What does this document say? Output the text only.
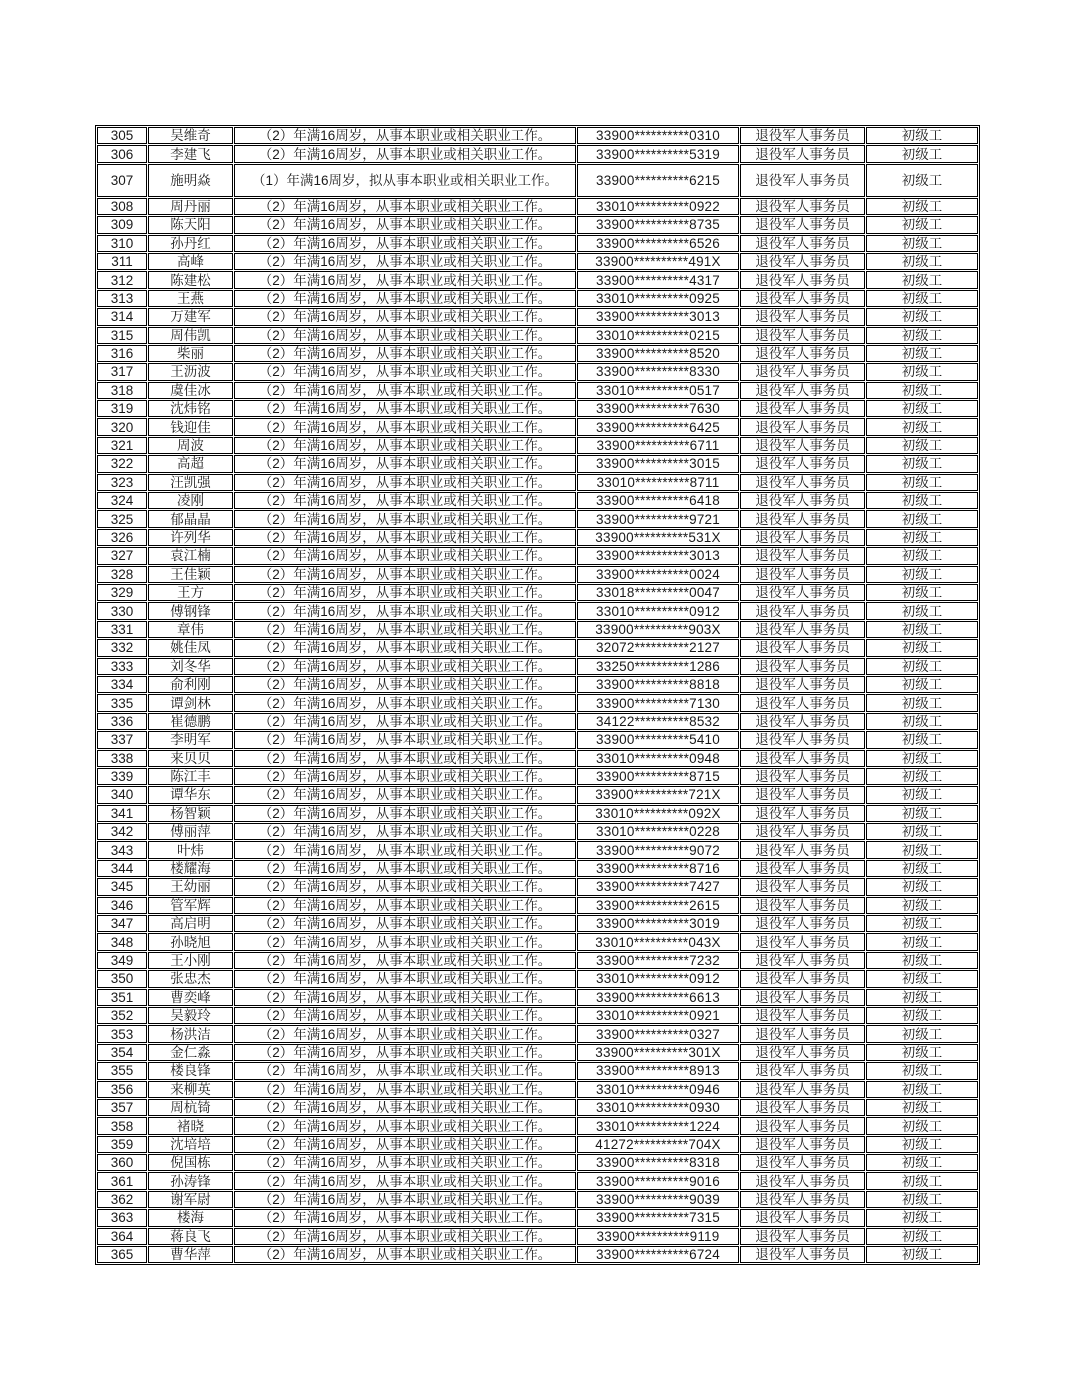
305	吴维奇	（2）年满16周岁，从事本职业或相关职业工作。	33900**********0310	退役军人事务员	初级工
306	李建飞	（2）年满16周岁，从事本职业或相关职业工作。	33900**********5319	退役军人事务员	初级工
307	施明焱	（1）年满16周岁，拟从事本职业或相关职业工作。	33900**********6215	退役军人事务员	初级工
308	周丹丽	（2）年满16周岁，从事本职业或相关职业工作。	33010**********0922	退役军人事务员	初级工
309	陈天阳	（2）年满16周岁，从事本职业或相关职业工作。	33900**********8735	退役军人事务员	初级工
310	孙丹红	（2）年满16周岁，从事本职业或相关职业工作。	33900**********6526	退役军人事务员	初级工
311	高峰	（2）年满16周岁，从事本职业或相关职业工作。	33900**********491X	退役军人事务员	初级工
312	陈建松	（2）年满16周岁，从事本职业或相关职业工作。	33900**********4317	退役军人事务员	初级工
313	王燕	（2）年满16周岁，从事本职业或相关职业工作。	33010**********0925	退役军人事务员	初级工
314	万建军	（2）年满16周岁，从事本职业或相关职业工作。	33900**********3013	退役军人事务员	初级工
315	周伟凯	（2）年满16周岁，从事本职业或相关职业工作。	33010**********0215	退役军人事务员	初级工
316	柴丽	（2）年满16周岁，从事本职业或相关职业工作。	33900**********8520	退役军人事务员	初级工
317	王沥波	（2）年满16周岁，从事本职业或相关职业工作。	33900**********8330	退役军人事务员	初级工
318	虞佳冰	（2）年满16周岁，从事本职业或相关职业工作。	33010**********0517	退役军人事务员	初级工
319	沈炜铭	（2）年满16周岁，从事本职业或相关职业工作。	33900**********7630	退役军人事务员	初级工
320	钱迎佳	（2）年满16周岁，从事本职业或相关职业工作。	33900**********6425	退役军人事务员	初级工
321	周波	（2）年满16周岁，从事本职业或相关职业工作。	33900**********6711	退役军人事务员	初级工
322	高超	（2）年满16周岁，从事本职业或相关职业工作。	33900**********3015	退役军人事务员	初级工
323	汪凯强	（2）年满16周岁，从事本职业或相关职业工作。	33010**********8711	退役军人事务员	初级工
324	凌刚	（2）年满16周岁，从事本职业或相关职业工作。	33900**********6418	退役军人事务员	初级工
325	郁晶晶	（2）年满16周岁，从事本职业或相关职业工作。	33900**********9721	退役军人事务员	初级工
326	许列华	（2）年满16周岁，从事本职业或相关职业工作。	33900**********531X	退役军人事务员	初级工
327	袁江楠	（2）年满16周岁，从事本职业或相关职业工作。	33900**********3013	退役军人事务员	初级工
328	王佳颖	（2）年满16周岁，从事本职业或相关职业工作。	33900**********0024	退役军人事务员	初级工
329	王方	（2）年满16周岁，从事本职业或相关职业工作。	33018**********0047	退役军人事务员	初级工
330	傅钢锋	（2）年满16周岁，从事本职业或相关职业工作。	33010**********0912	退役军人事务员	初级工
331	章伟	（2）年满16周岁，从事本职业或相关职业工作。	33900**********903X	退役军人事务员	初级工
332	姚佳凤	（2）年满16周岁，从事本职业或相关职业工作。	32072**********2127	退役军人事务员	初级工
333	刘冬华	（2）年满16周岁，从事本职业或相关职业工作。	33250**********1286	退役军人事务员	初级工
334	俞利刚	（2）年满16周岁，从事本职业或相关职业工作。	33900**********8818	退役军人事务员	初级工
335	谭剑林	（2）年满16周岁，从事本职业或相关职业工作。	33900**********7130	退役军人事务员	初级工
336	崔德鹏	（2）年满16周岁，从事本职业或相关职业工作。	34122**********8532	退役军人事务员	初级工
337	李明军	（2）年满16周岁，从事本职业或相关职业工作。	33900**********5410	退役军人事务员	初级工
338	来贝贝	（2）年满16周岁，从事本职业或相关职业工作。	33010**********0948	退役军人事务员	初级工
339	陈江丰	（2）年满16周岁，从事本职业或相关职业工作。	33900**********8715	退役军人事务员	初级工
340	谭华东	（2）年满16周岁，从事本职业或相关职业工作。	33900**********721X	退役军人事务员	初级工
341	杨智颖	（2）年满16周岁，从事本职业或相关职业工作。	33010**********092X	退役军人事务员	初级工
342	傅丽萍	（2）年满16周岁，从事本职业或相关职业工作。	33010**********0228	退役军人事务员	初级工
343	叶炜	（2）年满16周岁，从事本职业或相关职业工作。	33900**********9072	退役军人事务员	初级工
344	楼耀海	（2）年满16周岁，从事本职业或相关职业工作。	33900**********8716	退役军人事务员	初级工
345	王幼丽	（2）年满16周岁，从事本职业或相关职业工作。	33900**********7427	退役军人事务员	初级工
346	管军辉	（2）年满16周岁，从事本职业或相关职业工作。	33900**********2615	退役军人事务员	初级工
347	高启明	（2）年满16周岁，从事本职业或相关职业工作。	33900**********3019	退役军人事务员	初级工
348	孙晓旭	（2）年满16周岁，从事本职业或相关职业工作。	33010**********043X	退役军人事务员	初级工
349	王小刚	（2）年满16周岁，从事本职业或相关职业工作。	33900**********7232	退役军人事务员	初级工
350	张忠杰	（2）年满16周岁，从事本职业或相关职业工作。	33010**********0912	退役军人事务员	初级工
351	曹奕峰	（2）年满16周岁，从事本职业或相关职业工作。	33900**********6613	退役军人事务员	初级工
352	吴毅玲	（2）年满16周岁，从事本职业或相关职业工作。	33010**********0921	退役军人事务员	初级工
353	杨洪洁	（2）年满16周岁，从事本职业或相关职业工作。	33900**********0327	退役军人事务员	初级工
354	金仁淼	（2）年满16周岁，从事本职业或相关职业工作。	33900**********301X	退役军人事务员	初级工
355	楼良锋	（2）年满16周岁，从事本职业或相关职业工作。	33900**********8913	退役军人事务员	初级工
356	来柳英	（2）年满16周岁，从事本职业或相关职业工作。	33010**********0946	退役军人事务员	初级工
357	周杭锜	（2）年满16周岁，从事本职业或相关职业工作。	33010**********0930	退役军人事务员	初级工
358	褚晓	（2）年满16周岁，从事本职业或相关职业工作。	33010**********1224	退役军人事务员	初级工
359	沈培培	（2）年满16周岁，从事本职业或相关职业工作。	41272**********704X	退役军人事务员	初级工
360	倪国栋	（2）年满16周岁，从事本职业或相关职业工作。	33900**********8318	退役军人事务员	初级工
361	孙涛锋	（2）年满16周岁，从事本职业或相关职业工作。	33900**********9016	退役军人事务员	初级工
362	谢军尉	（2）年满16周岁，从事本职业或相关职业工作。	33900**********9039	退役军人事务员	初级工
363	楼海	（2）年满16周岁，从事本职业或相关职业工作。	33900**********7315	退役军人事务员	初级工
364	蒋良飞	（2）年满16周岁，从事本职业或相关职业工作。	33900**********9119	退役军人事务员	初级工
365	曹华萍	（2）年满16周岁，从事本职业或相关职业工作。	33900**********6724	退役军人事务员	初级工
